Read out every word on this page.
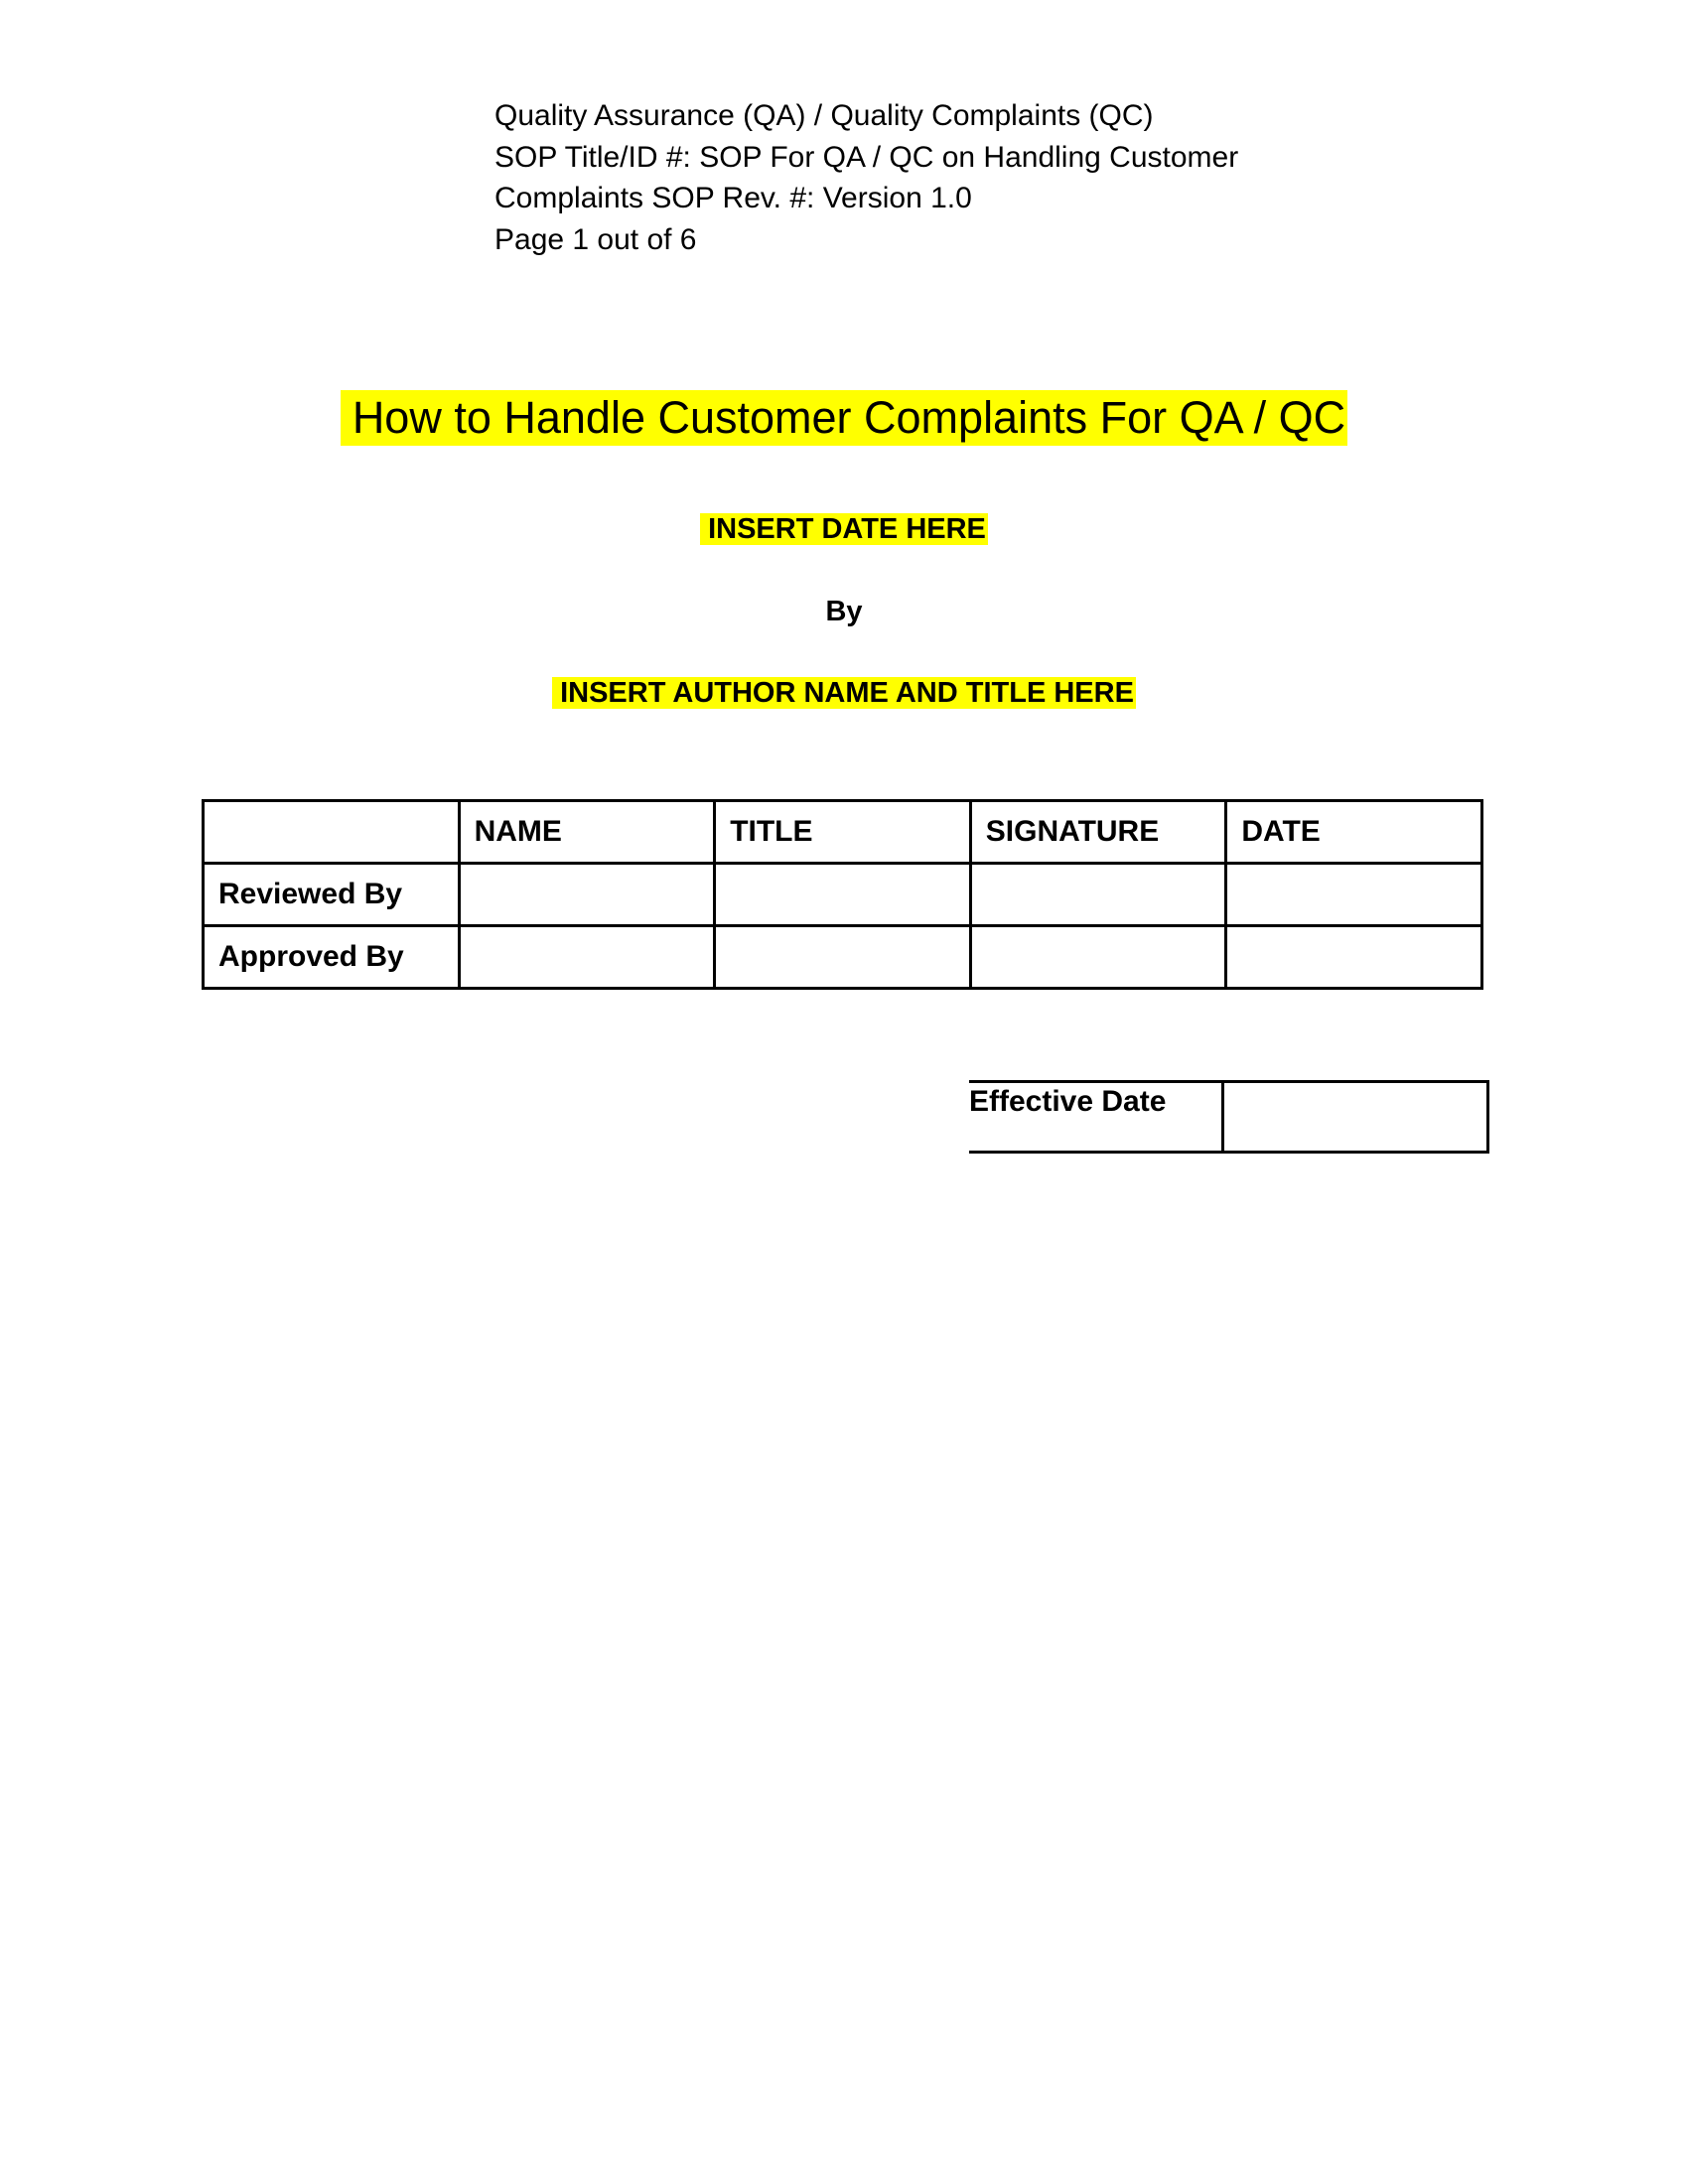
Quality Assurance (QA) / Quality Complaints (QC)
SOP Title/ID #: SOP For QA / QC on Handling Customer
Complaints SOP Rev. #: Version 1.0
Page 1 out of 6
How to Handle Customer Complaints For QA / QC
INSERT DATE HERE
By
INSERT AUTHOR NAME AND TITLE HERE
	NAME	TITLE	SIGNATURE	DATE
Reviewed By				
Approved By				
Effective Date	
